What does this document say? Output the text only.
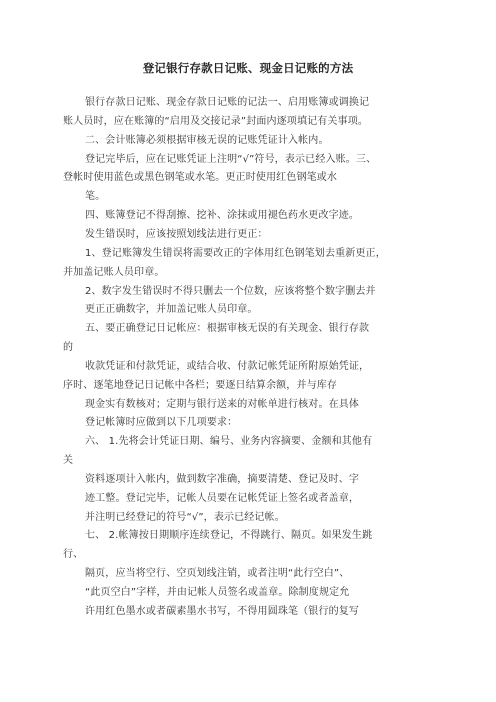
登记银行存款日记账、现金日记账的方法
银行存款日记账、现金存款日记账的记法一、启用账簿或调换记
账人员时，应在账簿的“启用及交接记录”封面内逐项填记有关事项。
二、会计账簿必须根据审核无误的记账凭证计入帐内。
登记完毕后，应在记账凭证上注明“√”符号，表示已经入账。三、
登帐时使用蓝色或黑色钢笔或水笔。更正时使用红色钢笔或水
笔。
四、账簿登记不得刮擦、挖补、涂抹或用褪色药水更改字迹。
发生错误时，应该按照划线法进行更正：
1、登记账簿发生错误将需要改正的字体用红色钢笔划去重新更正，
并加盖记账人员印章。
2、数字发生错误时不得只删去一个位数，应该将整个数字删去并
更正正确数字，并加盖记账人员印章。
五、要正确登记日记帐应：根据审核无误的有关现金、银行存款
的
收款凭证和付款凭证，或结合收、付款记帐凭证所附原始凭证，
序时、逐笔地登记日记帐中各栏；要逐日结算余额，并与库存
现金实有数核对；定期与银行送来的对帐单进行核对。在具体
登记帐簿时应做到以下几项要求：
六、 1.先将会计凭证日期、编号、业务内容摘要、金额和其他有
关
资料逐项计入帐内，做到数字准确，摘要清楚、登记及时、字
迹工整。登记完毕，记帐人员要在记帐凭证上签名或者盖章，
并注明已经登记的符号“√”，表示已经记帐。
七、 2.帐簿按日期顺序连续登记，不得跳行、隔页。如果发生跳
行、
隔页，应当将空行、空页划线注销，或者注明“此行空白”、
“此页空白”字样，并由记帐人员签名或盖章。除制度规定允
许用红色墨水或者碳素墨水书写，不得用圆珠笔（银行的复写
